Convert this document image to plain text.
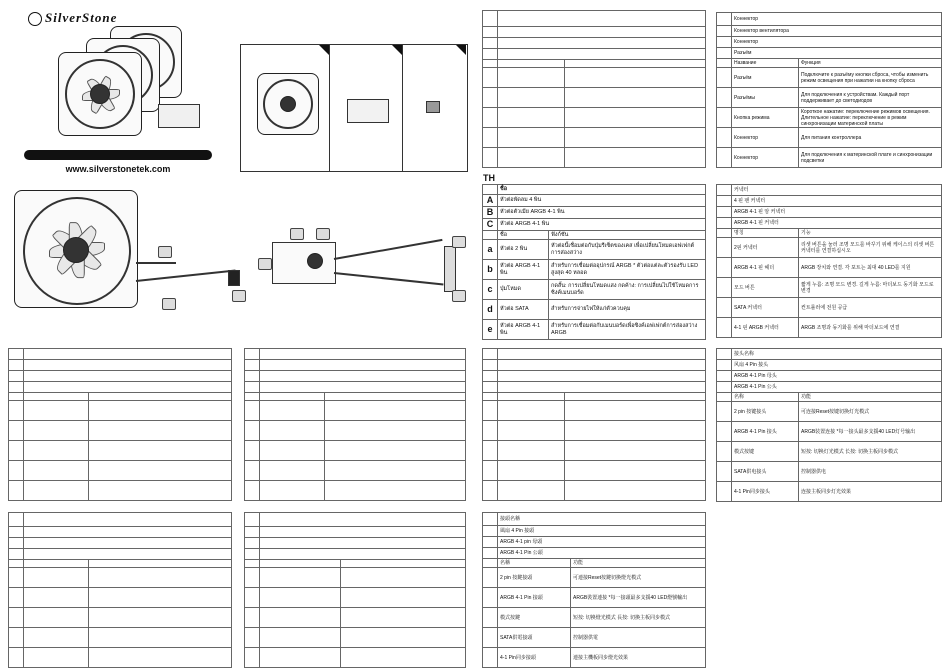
SilverStone
www.silverstonetek.com

TH
	ชื่อ	
A	หัวต่อพัดลม 4 พิน	
B	หัวต่อตัวเมีย ARGB 4-1 พิน	
C	หัวต่อ ARGB 4-1 พิน	
	ชื่อ	ฟังก์ชัน
a	หัวต่อ 2 พิน	หัวต่อนี้เชื่อมต่อกับปุ่มรีเซ็ตของเคส เพื่อเปลี่ยนโหมดเอฟเฟกต์การส่องสว่าง
b	หัวต่อ ARGB 4-1 พิน	สำหรับการเชื่อมต่ออุปกรณ์ ARGB * ตัวต่อแต่ละตัวรองรับ LED สูงสุด 40 หลอด
c	ปุ่มโหมด	กดสั้น: การเปลี่ยนโหมดแสง กดค้าง: การเปลี่ยนไปใช้โหมดการซิงค์เมนบอร์ด
d	หัวต่อ SATA	สำหรับการจ่ายไฟให้แก่ตัวควบคุม
e	หัวต่อ ARGB 4-1 พิน	สำหรับการเชื่อมต่อกับเมนบอร์ดเพื่อซิงค์เอฟเฟกต์การส่องสว่าง ARGB
	接頭名稱	
	風扇 4 Pin 接頭	
	ARGB 4-1 pin 母頭	
	ARGB 4-1 Pin 公頭	
	名稱	功能
	2 pin 按鍵接頭	可連接Reset按鍵切換燈光模式
	ARGB 4-1 Pin 接頭	ARGB裝置連接 *每一接頭最多支援40 LED燈號輸出
	模式按鍵	短按: 切換燈光模式 長按: 切換主板同步模式
	SATA供電接頭	控制器供電
	4-1 Pin同步接頭	連接主機板同步燈光效果
	Коннектор	
	Коннектор вентилятора	
	Коннектор	
	Разъём	
	Название	Функция
	Разъём	Подключите к разъёму кнопки сброса, чтобы изменить режим освещения при нажатии на кнопку сброса
	Разъёмы	Для подключения к устройствам. Каждый порт поддерживает до светодиодов
	Кнопка режима	Короткое нажатие: переключение режимов освещения. Длительное нажатие: переключение в режим синхронизации материнской платы
	Коннектор	Для питания контроллера
	Коннектор	Для подключения к материнской плате и синхронизации подсветки
	커넥터	
	4 핀 팬 커넥터	
	ARGB 4-1 핀 암 커넥터	
	ARGB 4-1 핀 커넥터	
	명칭	기능
	2핀 커넥터	리셋 버튼을 눌러 조명 모드를 바꾸기 위해 케이스의 리셋 버튼 커넥터를 연결하십시오
	ARGB 4-1 핀 헤더	ARGB 장치와 연결. 각 포트는 최대 40 LED를 지원
	모드 버튼	짧게 누름: 조명 모드 변경. 길게 누름: 마더보드 동기화 모드로 변경
	SATA 커넥터	컨트롤러에 전원 공급
	4-1 핀 ARGB 커넥터	ARGB 조명과 동기화를 위해 마더보드에 연결
	接头名称	
	风扇 4 Pin 接头	
	ARGB 4-1 Pin 母头	
	ARGB 4-1 Pin 公头	
	名称	功能
	2 pin 按键接头	可连接Reset按键切换灯光模式
	ARGB 4-1 Pin 接头	ARGB装置连接 *每一接头最多支援40 LED灯号输出
	模式按键	短按: 切换灯光模式 长按: 切换主板同步模式
	SATA供电接头	控制器供电
	4-1 Pin同步接头	连接主板同步灯光效果
